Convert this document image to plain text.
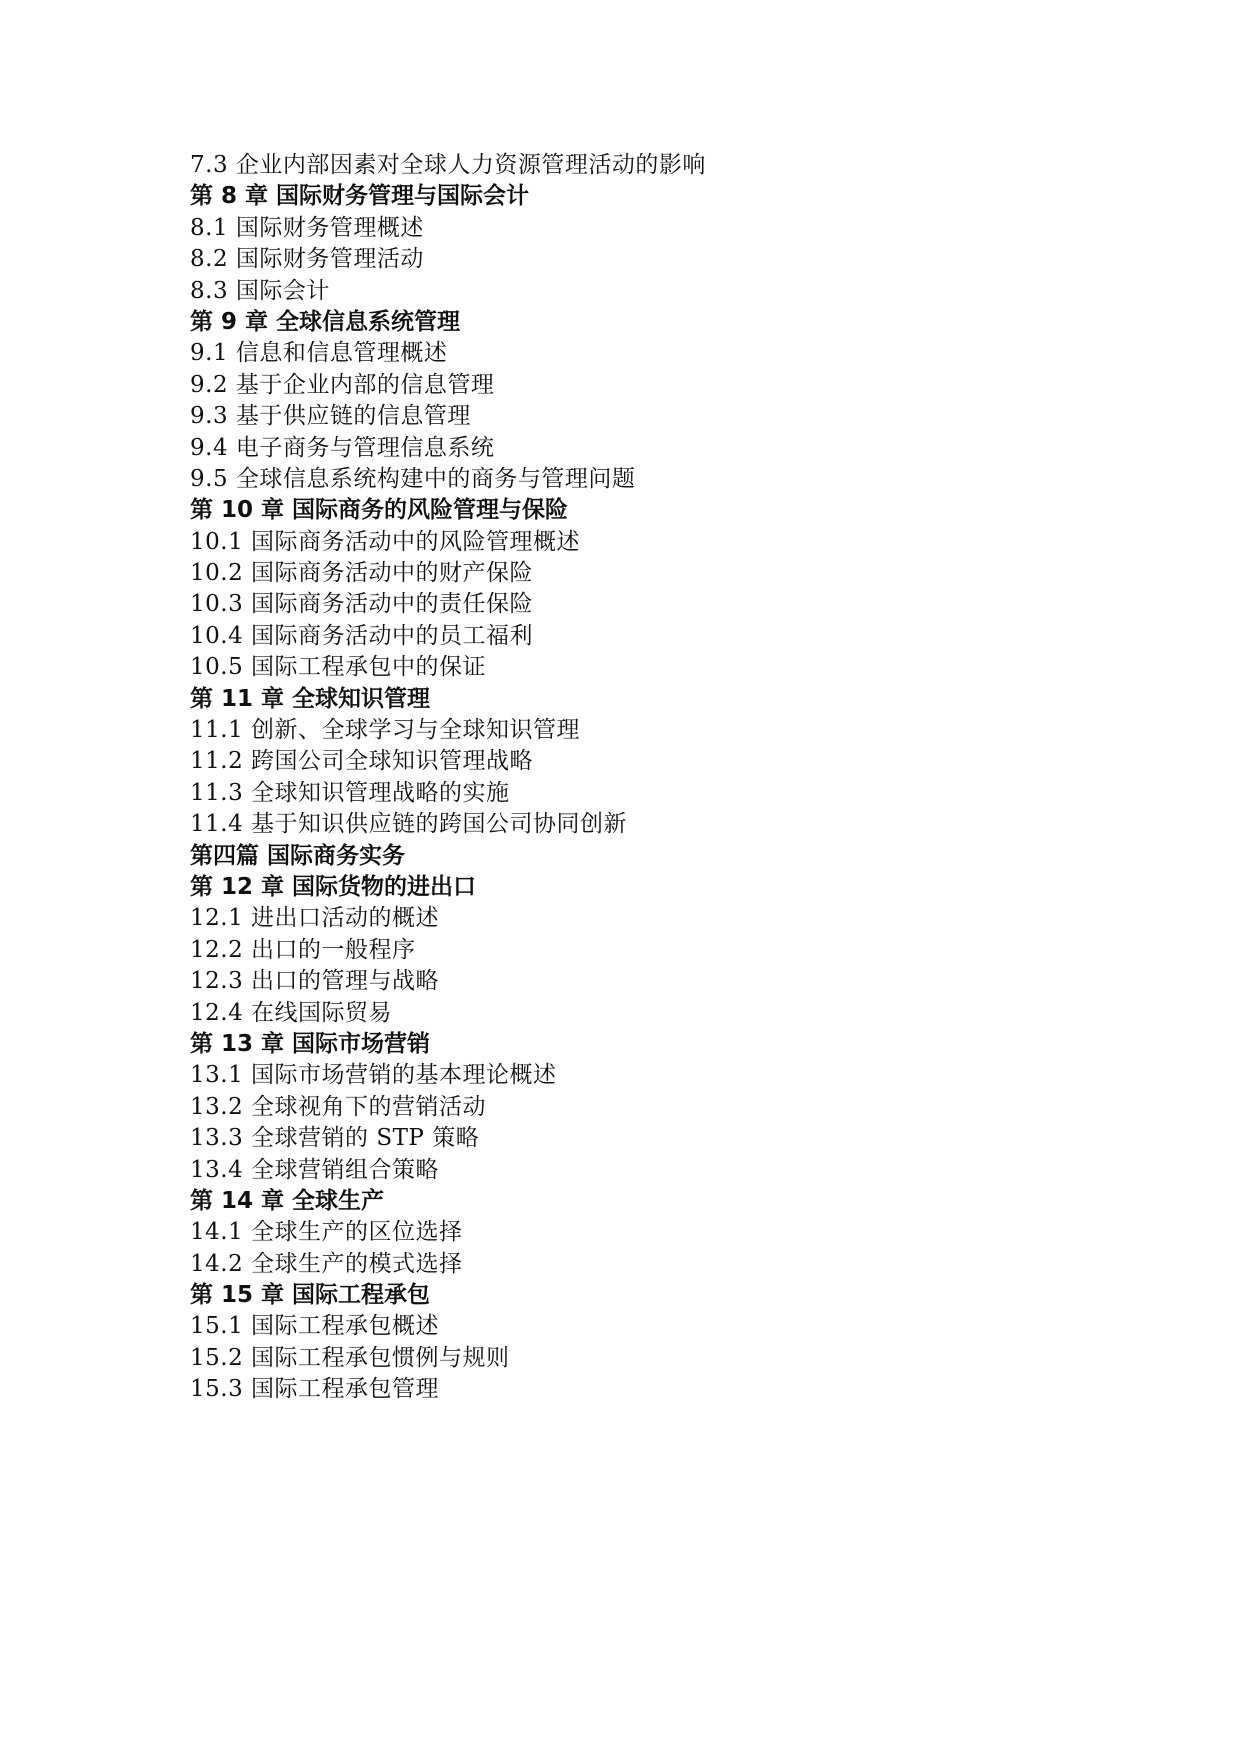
7.3 企业内部因素对全球人力资源管理活动的影响
第 8 章 国际财务管理与国际会计
8.1 国际财务管理概述
8.2 国际财务管理活动
8.3 国际会计
第 9 章 全球信息系统管理
9.1 信息和信息管理概述
9.2 基于企业内部的信息管理
9.3 基于供应链的信息管理
9.4 电子商务与管理信息系统
9.5 全球信息系统构建中的商务与管理问题
第 10 章 国际商务的风险管理与保险
10.1 国际商务活动中的风险管理概述
10.2 国际商务活动中的财产保险
10.3 国际商务活动中的责任保险
10.4 国际商务活动中的员工福利
10.5 国际工程承包中的保证
第 11 章 全球知识管理
11.1 创新、全球学习与全球知识管理
11.2 跨国公司全球知识管理战略
11.3 全球知识管理战略的实施
11.4 基于知识供应链的跨国公司协同创新
第四篇 国际商务实务
第 12 章 国际货物的进出口
12.1 进出口活动的概述
12.2 出口的一般程序
12.3 出口的管理与战略
12.4 在线国际贸易
第 13 章 国际市场营销
13.1 国际市场营销的基本理论概述
13.2 全球视角下的营销活动
13.3 全球营销的 STP 策略
13.4 全球营销组合策略
第 14 章 全球生产
14.1 全球生产的区位选择
14.2 全球生产的模式选择
第 15 章 国际工程承包
15.1 国际工程承包概述
15.2 国际工程承包惯例与规则
15.3 国际工程承包管理
